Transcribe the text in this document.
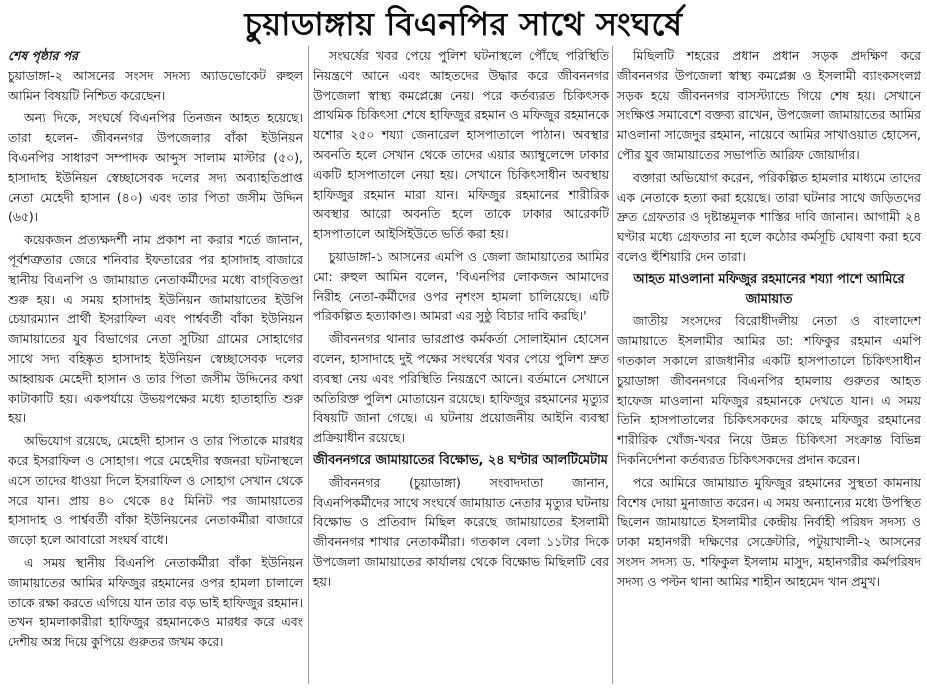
চুয়াডাঙ্গায় বিএনপির সাথে সংঘর্ষে
শেষ পৃষ্ঠার পর

চুয়াডাঙ্গা-২ আসনের সংসদ সদস্য অ্যাডভোকেট রুহুল আমিন বিষয়টি নিশ্চিত করেছেন।

অন্য দিকে, সংঘর্ষে বিএনপির তিনজন আহত হয়েছে। তারা হলেন- জীবননগর উপজেলার বাঁকা ইউনিয়ন বিএনপির সাধারণ সম্পাদক আব্দুস সালাম মাস্টার (৫০), হাসাদাহ ইউনিয়ন স্বেচ্ছাসেবক দলের সদ্য অব্যাহতিপ্রাপ্ত নেতা মেহেদী হাসান (৪০) এবং তার পিতা জসীম উদ্দিন (৬৫)।

কয়েকজন প্রত্যক্ষদর্শী নাম প্রকাশ না করার শর্তে জানান, পূর্বশত্রুতার জেরে শনিবার ইফতারের পর হাসাদাহ বাজারে স্থানীয় বিএনপি ও জামায়াত নেতাকর্মীদের মধ্যে বাগ্‌বিতণ্ডা শুরু হয়। এ সময় হাসাদাহ ইউনিয়ন জামায়াতের ইউপি চেয়ারম্যান প্রার্থী ইসরাফিল এবং পার্শ্ববর্তী বাঁকা ইউনিয়ন জামায়াতের যুব বিভাগের নেতা সুটিয়া গ্রামের সোহাগের সাথে সদ্য বহিষ্কৃত হাসাদাহ ইউনিয়ন স্বেচ্ছাসেবক দলের আহ্বায়ক মেহেদী হাসান ও তার পিতা জসীম উদ্দিনের কথা কাটাকাটি হয়। একপর্যায়ে উভয়পক্ষের মধ্যে হাতাহাতি শুরু হয়।

অভিযোগ রয়েছে, মেহেদী হাসান ও তার পিতাকে মারধর করে ইসরাফিল ও সোহাগ। পরে মেহেদীর স্বজনরা ঘটনাস্থলে এসে তাদের ধাওয়া দিলে ইসরাফিল ও সোহাগ সেখান থেকে সরে যান। প্রায় ৪০ থেকে ৪৫ মিনিট পর জামায়াতের হাসাদাহ ও পার্শ্ববর্তী বাঁকা ইউনিয়নের নেতাকর্মীরা বাজারে জড়ো হলে আবারো সংঘর্ষ বাধে।

এ সময় স্থানীয় বিএনপি নেতাকর্মীরা বাঁকা ইউনিয়ন জামায়াতের আমির মফিজুর রহমানের ওপর হামলা চালালে তাকে রক্ষা করতে এগিয়ে যান তার বড় ভাই হাফিজুর রহমান। তখন হামলাকারীরা হাফিজুর রহমানকেও মারধর করে এবং দেশীয় অস্ত্র দিয়ে কুপিয়ে গুরুতর জখম করে।

সংঘর্ষের খবর পেয়ে পুলিশ ঘটনাস্থলে পৌঁছে পরিস্থিতি নিয়ন্ত্রণে আনে এবং আহতদের উদ্ধার করে জীবননগর উপজেলা স্বাস্থ্য কমপ্লেক্সে নেয়। পরে কর্তব্যরত চিকিৎসক প্রাথমিক চিকিৎসা শেষে হাফিজুর রহমান ও মফিজুর রহমানকে যশোর ২৫০ শয্যা জেনারেল হাসপাতালে পাঠান। অবস্থার অবনতি হলে সেখান থেকে তাদের এয়ার অ্যাম্বুলেন্সে ঢাকার একটি হাসপাতালে নেয়া হয়। সেখানে চিকিৎসাধীন অবস্থায় হাফিজুর রহমান মারা যান। মফিজুর রহমানের শারীরিক অবস্থার আরো অবনতি হলে তাকে ঢাকার আরেকটি হাসপাতালে আইসিইউতে ভর্তি করা হয়।

চুয়াডাঙ্গা-১ আসনের এমপি ও জেলা জামায়াতের আমির মো: রুহুল আমিন বলেন, 'বিএনপির লোকজন আমাদের নিরীহ নেতা-কর্মীদের ওপর নৃশংস হামলা চালিয়েছে। এটি পরিকল্পিত হত্যাকাণ্ড। আমরা এর সুষ্ঠু বিচার দাবি করছি।'

জীবননগর থানার ভারপ্রাপ্ত কর্মকর্তা সোলাইমান হোসেন বলেন, হাসাদাহে দুই পক্ষের সংঘর্ষের খবর পেয়ে পুলিশ দ্রুত ব্যবস্থা নেয় এবং পরিস্থিতি নিয়ন্ত্রণে আনে। বর্তমানে সেখানে অতিরিক্ত পুলিশ মোতায়েন রয়েছে। হাফিজুর রহমানের মৃত্যুর বিষয়টি জানা গেছে। এ ঘটনায় প্রয়োজনীয় আইনি ব্যবস্থা প্রক্রিয়াধীন রয়েছে।

জীবননগরে জামায়াতের বিক্ষোভ, ২৪ ঘণ্টার আলটিমেটাম

জীবননগর (চুয়াডাঙ্গা) সংবাদদাতা জানান, বিএনপিকর্মীদের সাথে সংঘর্ষে জামায়াত নেতার মৃত্যুর ঘটনায় বিক্ষোভ ও প্রতিবাদ মিছিল করেছে জামায়াতের ইসলামী জীবননগর শাখার নেতাকর্মীরা। গতকাল বেলা ১১টার দিকে উপজেলা জামায়াতের কার্যালয় থেকে বিক্ষোভ মিছিলটি বের হয়।

মিছিলটি শহরের প্রধান প্রধান সড়ক প্রদক্ষিণ করে জীবননগর উপজেলা স্বাস্থ্য কমপ্লেক্স ও ইসলামী ব্যাংকসংলগ্ন সড়ক হয়ে জীবননগর বাসস্ট্যান্ডে গিয়ে শেষ হয়। সেখানে সংক্ষিপ্ত সমাবেশে বক্তব্য রাখেন, উপজেলা জামায়াতের আমির মাওলানা সাজেদুর রহমান, নায়েবে আমির সাখাওয়াত হোসেন, পৌর যুব জামায়াতের সভাপতি আরিফ জোয়ার্দার।

বক্তারা অভিযোগ করেন, পরিকল্পিত হামলার মাধ্যমে তাদের এক নেতাকে হত্যা করা হয়েছে। তারা ঘটনার সাথে জড়িতদের দ্রুত গ্রেফতার ও দৃষ্টান্তমূলক শাস্তির দাবি জানান। আগামী ২৪ ঘণ্টার মধ্যে গ্রেফতার না হলে কঠোর কর্মসূচি ঘোষণা করা হবে বলেও হুঁশিয়ারি দেন তারা।

আহত মাওলানা মফিজুর রহমানের শয্যা পাশে আমিরে জামায়াত

জাতীয় সংসদের বিরোধীদলীয় নেতা ও বাংলাদেশ জামায়াতে ইসলামীর আমির ডা: শফিকুর রহমান এমপি গতকাল সকালে রাজধানীর একটি হাসপাতালে চিকিৎসাধীন চুয়াডাঙ্গা জীবননগরে বিএনপির হামলায় গুরুতর আহত হাফেজ মাওলানা মফিজুর রহমানকে দেখতে যান। এ সময় তিনি হাসপাতালের চিকিৎসকদের কাছে মফিজুর রহমানের শারীরিক খোঁজ-খবর নিয়ে উন্নত চিকিৎসা সংক্রান্ত বিভিন্ন দিকনির্দেশনা কর্তব্যরত চিকিৎসকদের প্রদান করেন।

পরে আমিরে জামায়াত মুফিজুর রহমানের সুস্থতা কামনায় বিশেষ দোয়া মুনাজাত করেন। এ সময় অন্যান্যের মধ্যে উপস্থিত ছিলেন জামায়াতে ইসলামীর কেন্দ্রীয় নির্বাহী পরিষদ সদস্য ও ঢাকা মহানগরী দক্ষিণের সেক্রেটারি, পটুয়াখালী-২ আসনের সংসদ সদস্য ড. শফিকুল ইসলাম মাসুদ, মহানগরীর কর্মপরিষদ সদস্য ও পল্টন থানা আমির শাহীন আহমেদ খান প্রমুখ।
